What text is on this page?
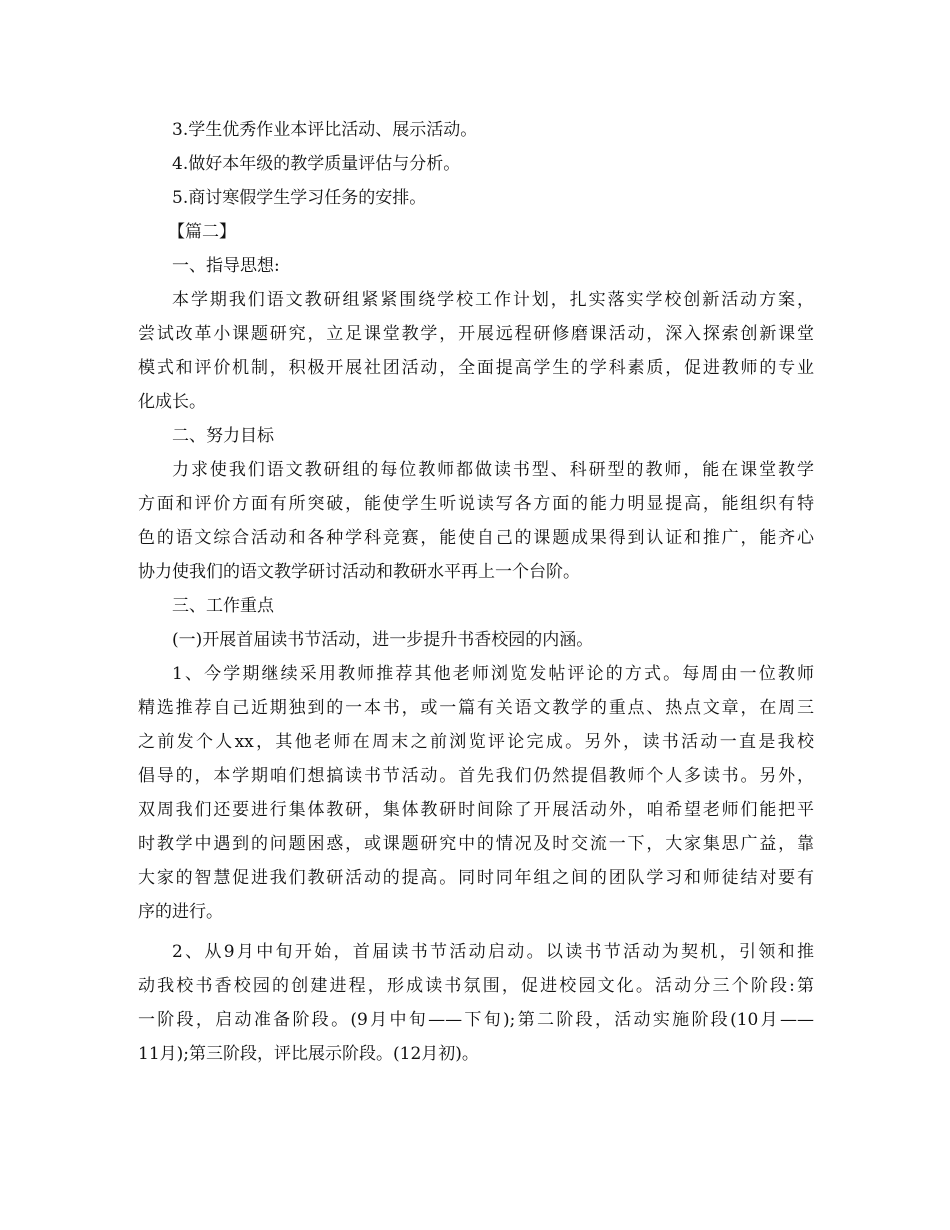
3.学生优秀作业本评比活动、展示活动。
4.做好本年级的教学质量评估与分析。
5.商讨寒假学生学习任务的安排。
【篇二】
一、指导思想:
本学期我们语文教研组紧紧围绕学校工作计划，扎实落实学校创新活动方案，
尝试改革小课题研究，立足课堂教学，开展远程研修磨课活动，深入探索创新课堂
模式和评价机制，积极开展社团活动，全面提高学生的学科素质，促进教师的专业
化成长。
二、努力目标
力求使我们语文教研组的每位教师都做读书型、科研型的教师，能在课堂教学
方面和评价方面有所突破，能使学生听说读写各方面的能力明显提高，能组织有特
色的语文综合活动和各种学科竞赛，能使自己的课题成果得到认证和推广，能齐心
协力使我们的语文教学研讨活动和教研水平再上一个台阶。
三、工作重点
(一)开展首届读书节活动，进一步提升书香校园的内涵。
1、今学期继续采用教师推荐其他老师浏览发帖评论的方式。每周由一位教师
精选推荐自己近期独到的一本书，或一篇有关语文教学的重点、热点文章，在周三
之前发个人xx，其他老师在周末之前浏览评论完成。另外，读书活动一直是我校
倡导的，本学期咱们想搞读书节活动。首先我们仍然提倡教师个人多读书。另外，
双周我们还要进行集体教研，集体教研时间除了开展活动外，咱希望老师们能把平
时教学中遇到的问题困惑，或课题研究中的情况及时交流一下，大家集思广益，靠
大家的智慧促进我们教研活动的提高。同时同年组之间的团队学习和师徒结对要有
序的进行。
2、从9月中旬开始，首届读书节活动启动。以读书节活动为契机，引领和推
动我校书香校园的创建进程，形成读书氛围，促进校园文化。活动分三个阶段:第
一阶段，启动准备阶段。(9月中旬——下旬);第二阶段，活动实施阶段(10月——
11月);第三阶段，评比展示阶段。(12月初)。
